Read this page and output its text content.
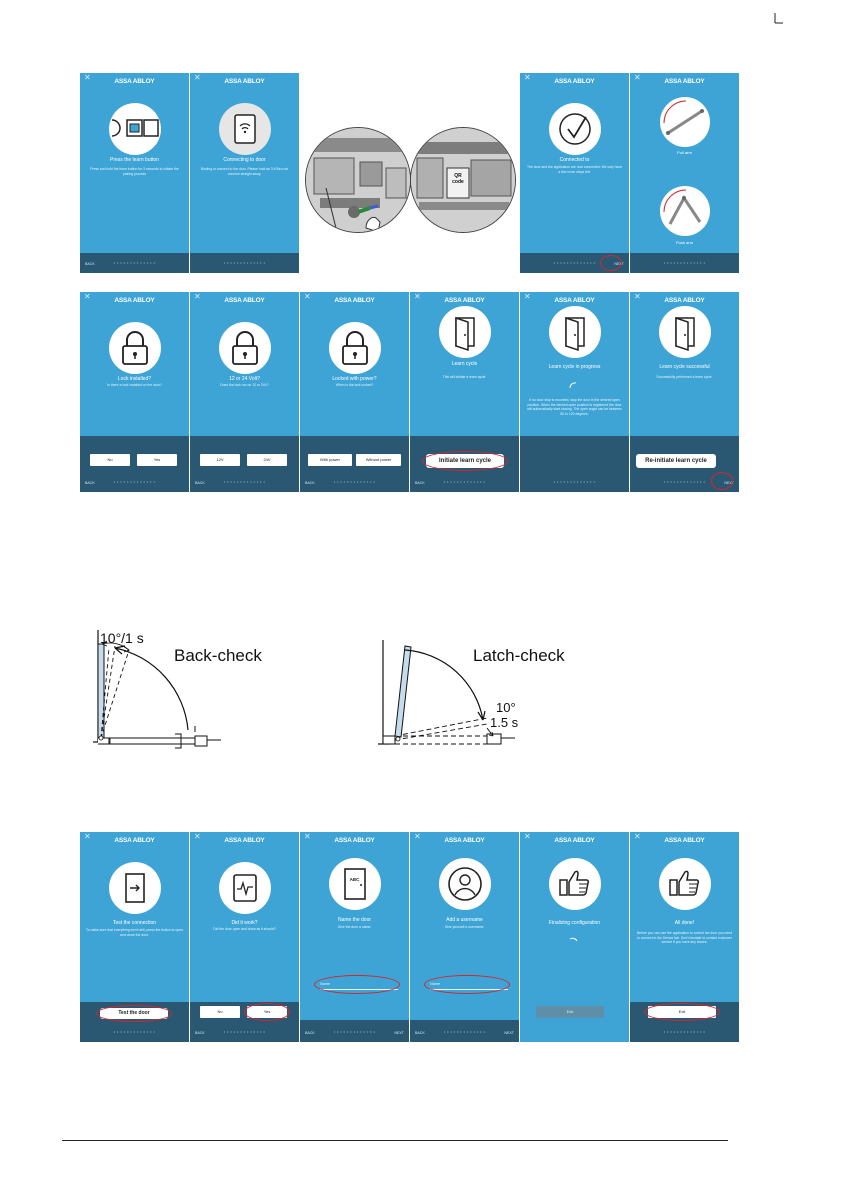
✕	ASSA ABLOY
Press the learn button
Press and hold the learn button for 3 seconds to initiate the pairing process
BACK	• • • • • • • • • • • • •
✕	ASSA ABLOY
Connecting to door
Binding to connect to the door. Please hold an 3.6 Beo not connect straight away.
• • • • • • • • • • • • •
QR code
✕	ASSA ABLOY
Connected to
The door and the application are now connected. We only have a few more steps left.
• • • • • • • • • • • • •	NEXT
✕	ASSA ABLOY
Pull arm
Push arm
• • • • • • • • • • • • •
✕	ASSA ABLOY
Lock installed?
Is there a lock installed on the door?
No	Yes
BACK	• • • • • • • • • • • • •
✕	ASSA ABLOY
12 or 24 Volt?
Does the lock run on 12 or 24V?
12V	24V
BACK	• • • • • • • • • • • • •
✕	ASSA ABLOY
Locked with power?
When is the lock locked?
With power	Without power
BACK	• • • • • • • • • • • • •
✕	ASSA ABLOY
Learn cycle
This will initiate a learn cycle.
Initiate learn cycle
BACK	• • • • • • • • • • • • •
✕	ASSA ABLOY
Learn cycle in progress
If no door stop is mounted, stop the door in the desired open position. When the desired open position is registered the door will automatically start closing. The open angle can be between 80 to 120 degrees.
• • • • • • • • • • • • •
✕	ASSA ABLOY
Learn cycle successful
Successfully performed a learn cycle.
Re-initiate learn cycle
• • • • • • • • • • • • •	NEXT
10°/1 s
Back-check	Latch-check
10°
1.5 s
✕	ASSA ABLOY
Test the connection
To make sure that everything went well, press the button to open and close the door.
Test the door
• • • • • • • • • • • • •
✕	ASSA ABLOY
Did it work?
Did the door open and close as it should?
No	Yes
BACK	• • • • • • • • • • • • •
✕	ASSA ABLOY
ABC
Name the door
Give the door a name.
Name
BACK	• • • • • • • • • • • • •	NEXT
✕	ASSA ABLOY
Add a username
Give yourself a username.
Name
BACK	• • • • • • • • • • • • •	NEXT
✕	ASSA ABLOY
Finalizing configuration
Exit
✕	ASSA ABLOY
All done!
Before you can use the application to control the door you need to connect in the Device tab. Don't hesitate to contact customer service if you have any issues.
Exit
• • • • • • • • • • • • •
